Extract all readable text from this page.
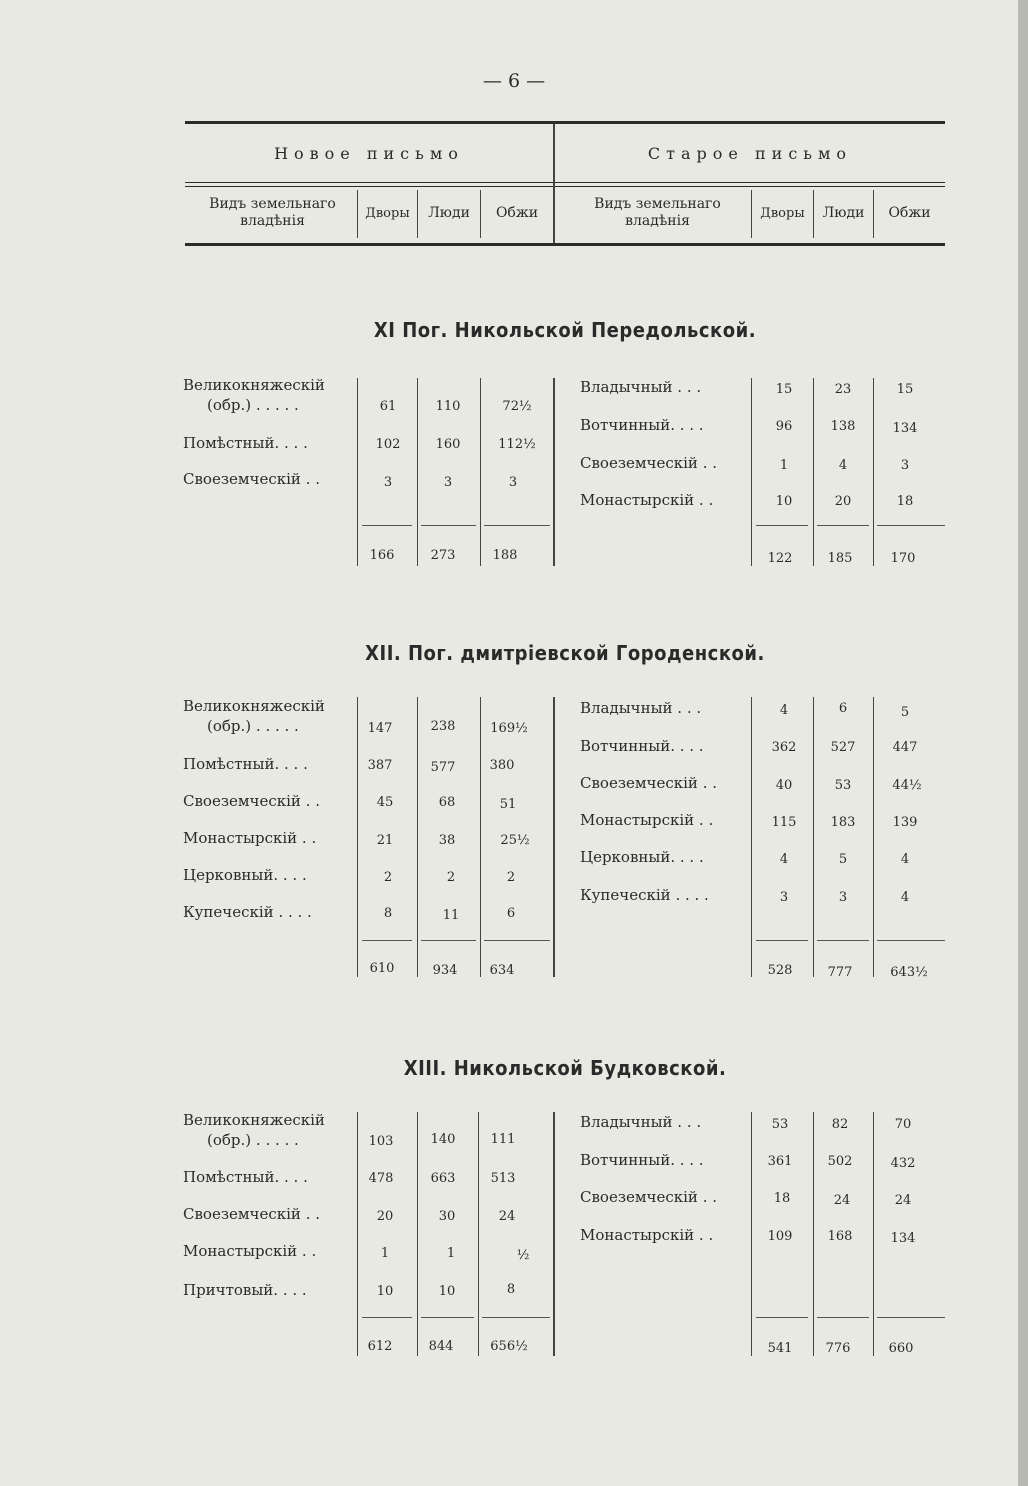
— 6 —
Новое письмо	Старое письмо
Видъ земельнаго владѣнія	Дворы	Люди	Обжи
Видъ земельнаго владѣнія	Дворы	Люди	Обжи
XI Пог. Никольской Передольской.
Великокняжескій
(обр.) . . . . .	61	110	72½
Помѣстный. . . .	102	160	112½
Своеземческій . .	3	3	3
166	273	188
Владычный . . .	15	23	15
Вотчинный. . . .	96	138	134
Своеземческій . .	1	4	3
Монастырскій . .	10	20	18
122	185	170
XII. Пог. дмитріевской Городенской.
Великокняжескій
(обр.) . . . . .	147	238	169½
Помѣстный. . . .	387	577	380
Своеземческій . .	45	68	51
Монастырскій . .	21	38	25½
Церковный. . . .	2	2	2
Купеческій . . . .	8	11	6
610	934	634
Владычный . . .	4	6	5
Вотчинный. . . .	362	527	447
Своеземческій . .	40	53	44½
Монастырскій . .	115	183	139
Церковный. . . .	4	5	4
Купеческій . . . .	3	3	4
528	777	643½
XIII. Никольской Будковской.
Великокняжескій
(обр.) . . . . .	103	140	111
Помѣстный. . . .	478	663	513
Своеземческій . .	20	30	24
Монастырскій . .	1	1	½
Причтовый. . . .	10	10	8
612	844	656½
Владычный . . .	53	82	70
Вотчинный. . . .	361	502	432
Своеземческій . .	18	24	24
Монастырскій . .	109	168	134
541	776	660
